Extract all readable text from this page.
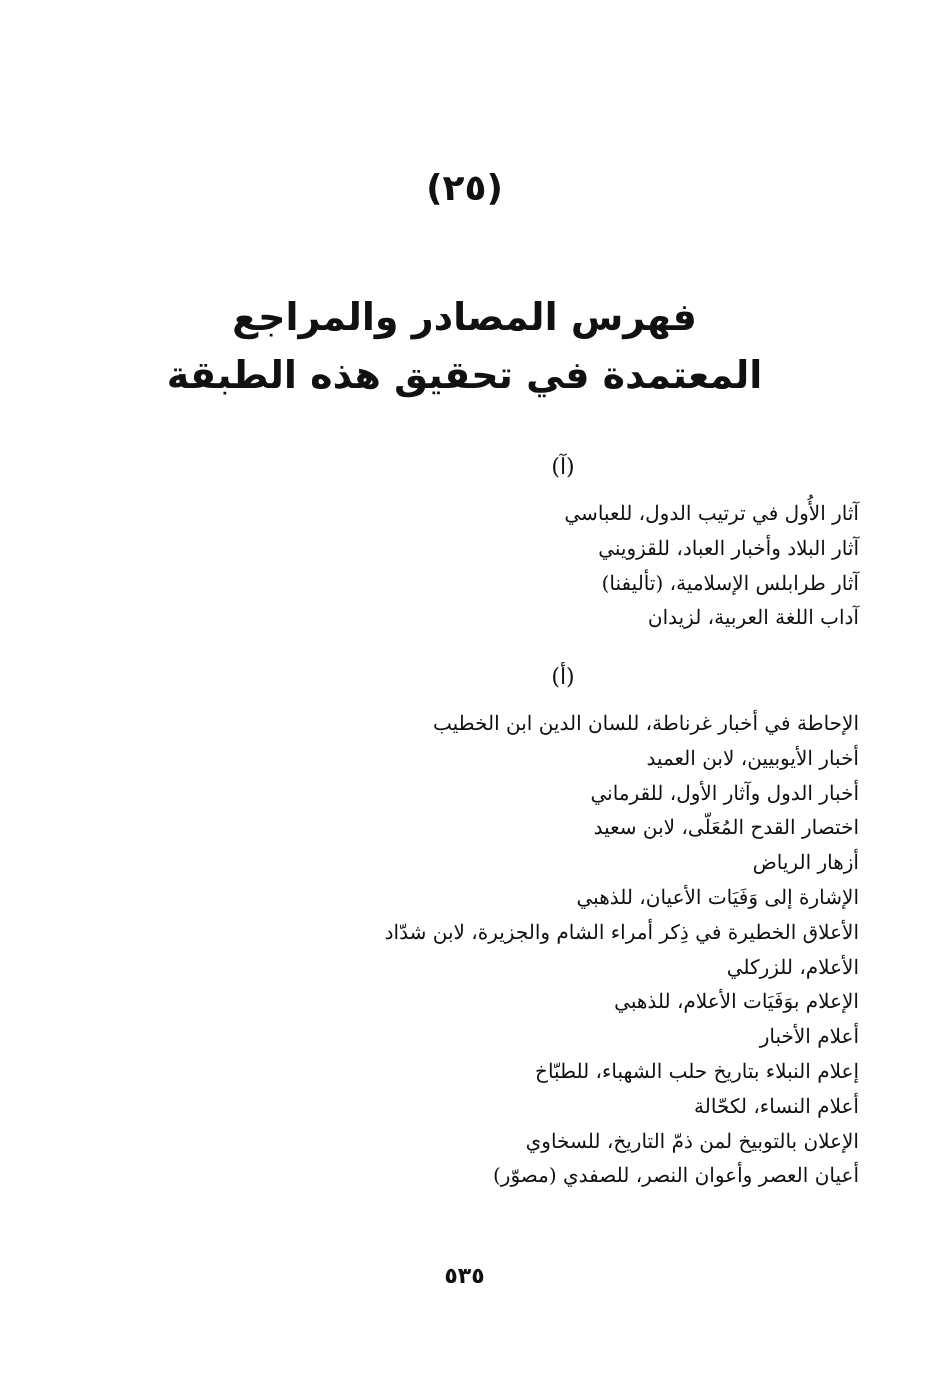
(٢٥)
فهرس المصادر والمراجع
المعتمدة في تحقيق هذه الطبقة
(آ)
آثار الأُول في ترتيب الدول، للعباسي
آثار البلاد وأخبار العباد، للقزويني
آثار طرابلس الإسلامية، (تأليفنا)
آداب اللغة العربية، لزيدان
(أ)
الإحاطة في أخبار غرناطة، للسان الدين ابن الخطيب
أخبار الأيوبيين، لابن العميد
أخبار الدول وآثار الأول، للقرماني
اختصار القدح المُعَلّى، لابن سعيد
أزهار الرياض
الإشارة إلى وَفَيَات الأعيان، للذهبي
الأعلاق الخطيرة في ذِكر أمراء الشام والجزيرة، لابن شدّاد
الأعلام، للزركلي
الإعلام بوَفَيَات الأعلام، للذهبي
أعلام الأخبار
إعلام النبلاء بتاريخ حلب الشهباء، للطبّاخ
أعلام النساء، لكحّالة
الإعلان بالتوبيخ لمن ذمّ التاريخ، للسخاوي
أعيان العصر وأعوان النصر، للصفدي (مصوّر)
٥٣٥
